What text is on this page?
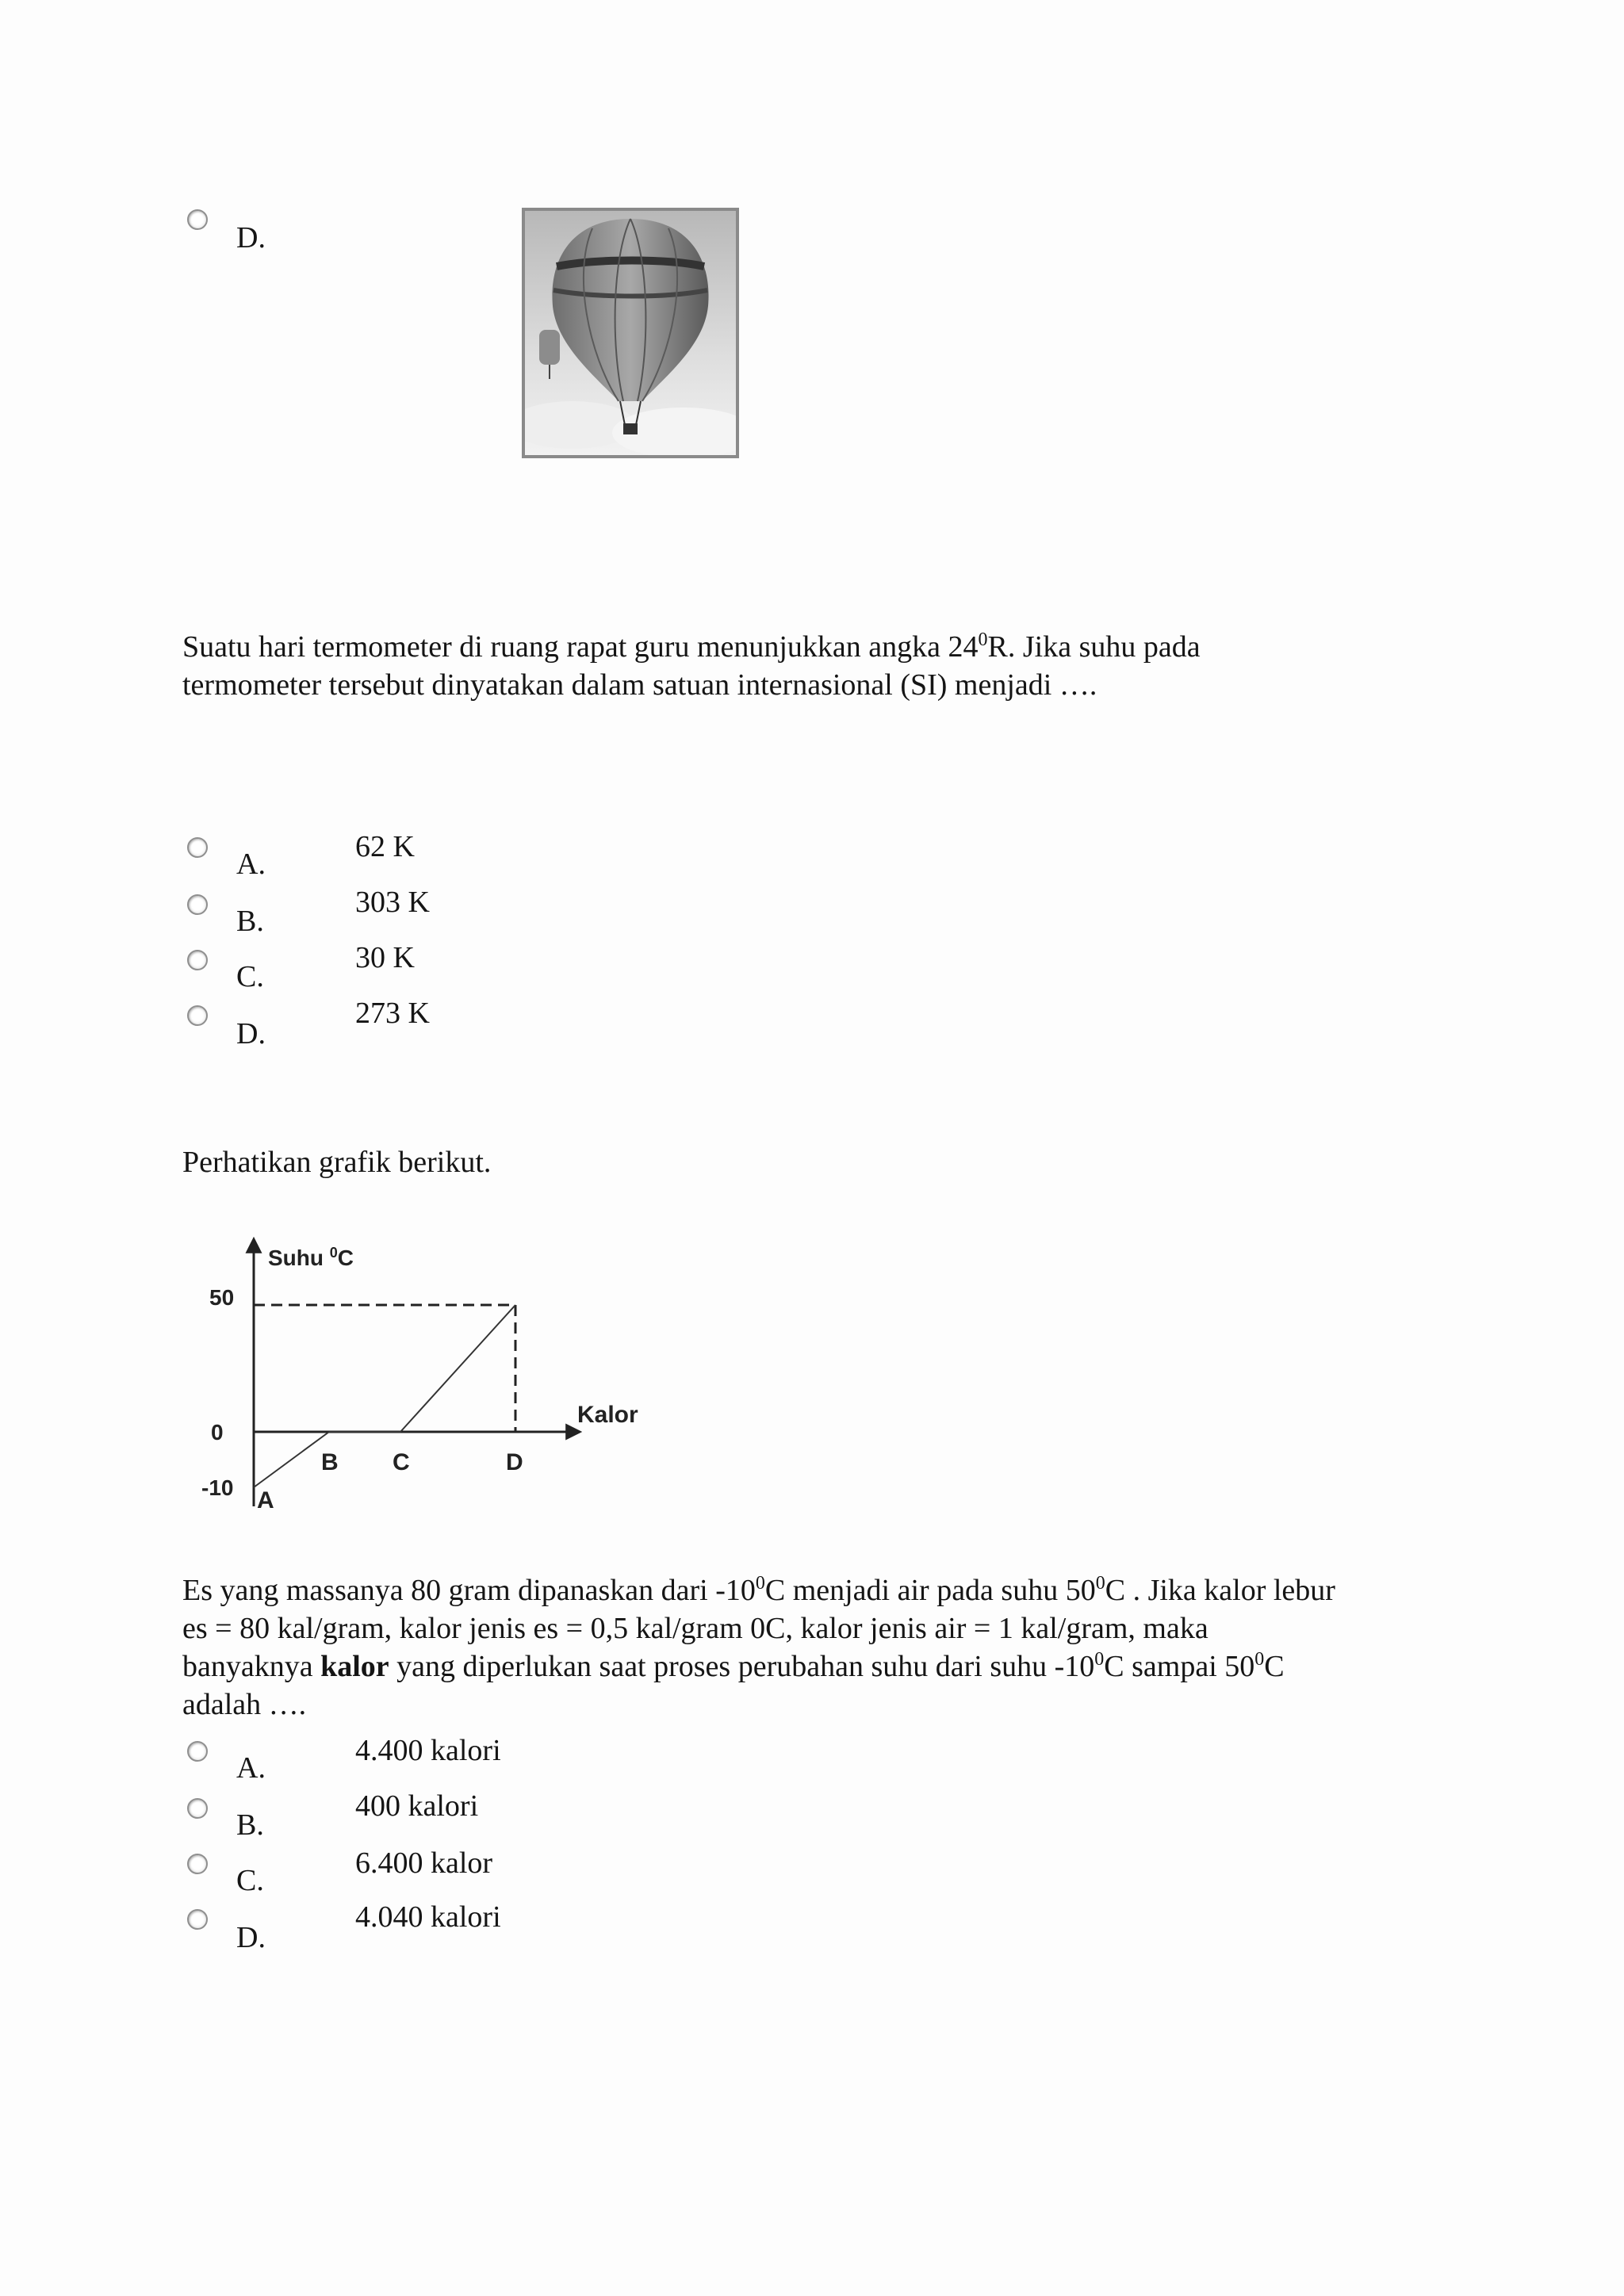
D.
Suatu hari termometer di ruang rapat guru menunjukkan angka $24^0R$. Jika suhu pada
termometer tersebut dinyatakan dalam satuan internasional (SI) menjadi ….
A.
62 K
B.
303 K
C.
30 K
D.
273 K
Perhatikan grafik berikut.
Suhu $^0$C
Kalor
50
0
-10 A
B C	D
Es yang massanya 80 gram dipanaskan dari $-10^0C$ menjadi air pada suhu $50^0C$ . Jika kalor lebur
es = 80 kal/gram, kalor jenis es = 0,5 kal/gram 0C, kalor jenis air = 1 kal/gram, maka
banyaknya kalor yang diperlukan saat proses perubahan suhu dari suhu $-10^0C$ sampai $50^0C$
adalah ….
A.
4.400 kalori
B.
400 kalori
C.
6.400 kalor
D.
4.040 kalori
